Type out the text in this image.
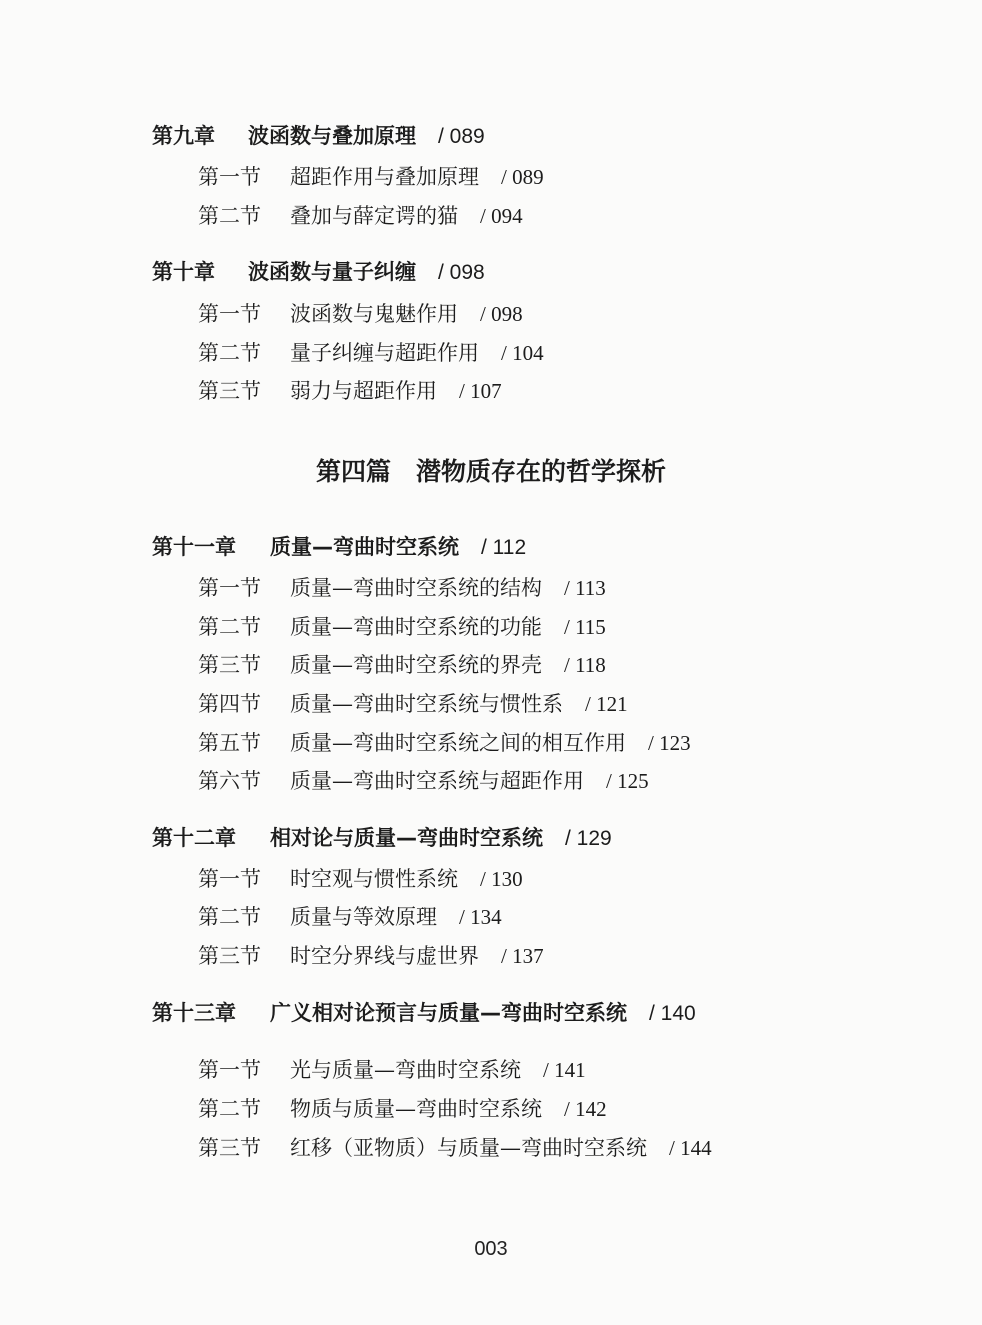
第九章 波函数与叠加原理 / 089
第一节 超距作用与叠加原理 / 089
第二节 叠加与薛定谔的猫 / 094
第十章 波函数与量子纠缠 / 098
第一节 波函数与鬼魅作用 / 098
第二节 量子纠缠与超距作用 / 104
第三节 弱力与超距作用 / 107
第四篇  潜物质存在的哲学探析
第十一章 质量—弯曲时空系统 / 112
第一节 质量—弯曲时空系统的结构 / 113
第二节 质量—弯曲时空系统的功能 / 115
第三节 质量—弯曲时空系统的界壳 / 118
第四节 质量—弯曲时空系统与惯性系 / 121
第五节 质量—弯曲时空系统之间的相互作用 / 123
第六节 质量—弯曲时空系统与超距作用 / 125
第十二章 相对论与质量—弯曲时空系统 / 129
第一节 时空观与惯性系统 / 130
第二节 质量与等效原理 / 134
第三节 时空分界线与虚世界 / 137
第十三章 广义相对论预言与质量—弯曲时空系统 / 140
第一节 光与质量—弯曲时空系统 / 141
第二节 物质与质量—弯曲时空系统 / 142
第三节 红移（亚物质）与质量—弯曲时空系统 / 144
003
